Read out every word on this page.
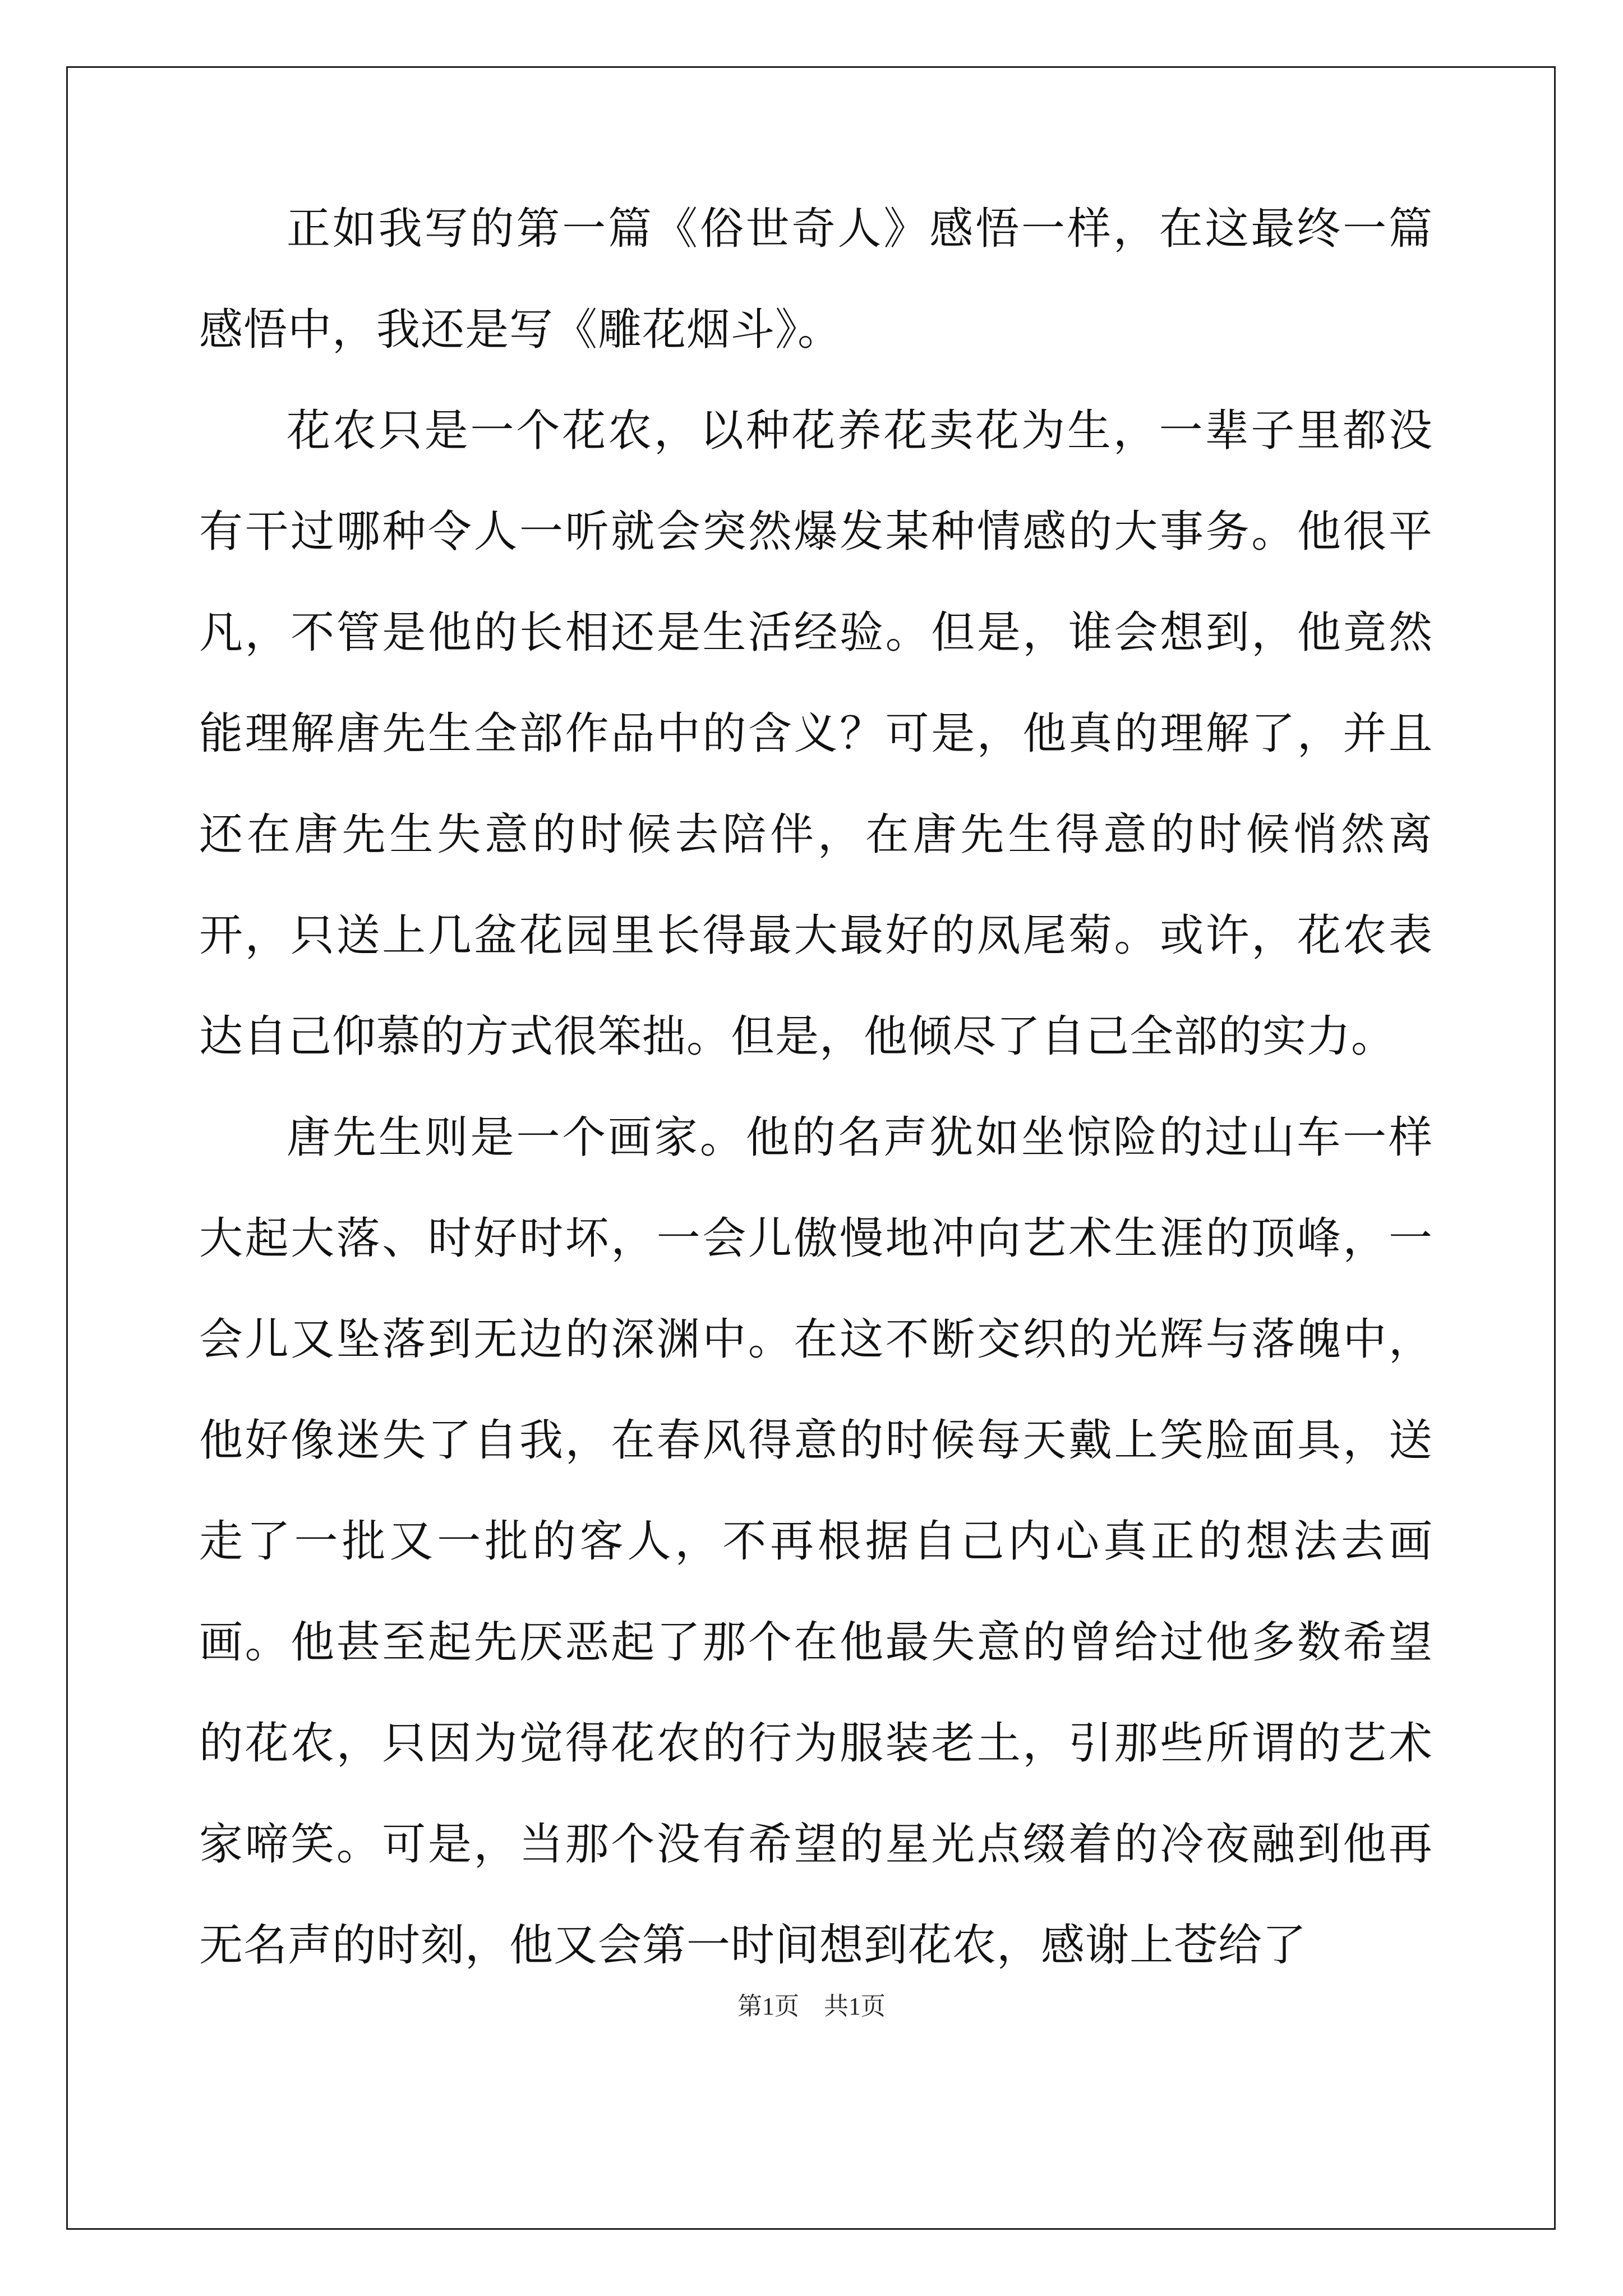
正如我写的第一篇《俗世奇人》感悟一样，在这最终一篇感悟中，我还是写《雕花烟斗》。

花农只是一个花农，以种花养花卖花为生，一辈子里都没有干过哪种令人一听就会突然爆发某种情感的大事务。他很平凡，不管是他的长相还是生活经验。但是，谁会想到，他竟然能理解唐先生全部作品中的含义？可是，他真的理解了，并且还在唐先生失意的时候去陪伴，在唐先生得意的时候悄然离开，只送上几盆花园里长得最大最好的凤尾菊。或许，花农表达自己仰慕的方式很笨拙。但是，他倾尽了自己全部的实力。

唐先生则是一个画家。他的名声犹如坐惊险的过山车一样大起大落、时好时坏，一会儿傲慢地冲向艺术生涯的顶峰，一会儿又坠落到无边的深渊中。在这不断交织的光辉与落魄中，他好像迷失了自我，在春风得意的时候每天戴上笑脸面具，送走了一批又一批的客人，不再根据自己内心真正的想法去画画。他甚至起先厌恶起了那个在他最失意的曾给过他多数希望的花农，只因为觉得花农的行为服装老土，引那些所谓的艺术家啼笑。可是，当那个没有希望的星光点缀着的冷夜融到他再无名声的时刻，他又会第一时间想到花农，感谢上苍给了

第1页　共1页
